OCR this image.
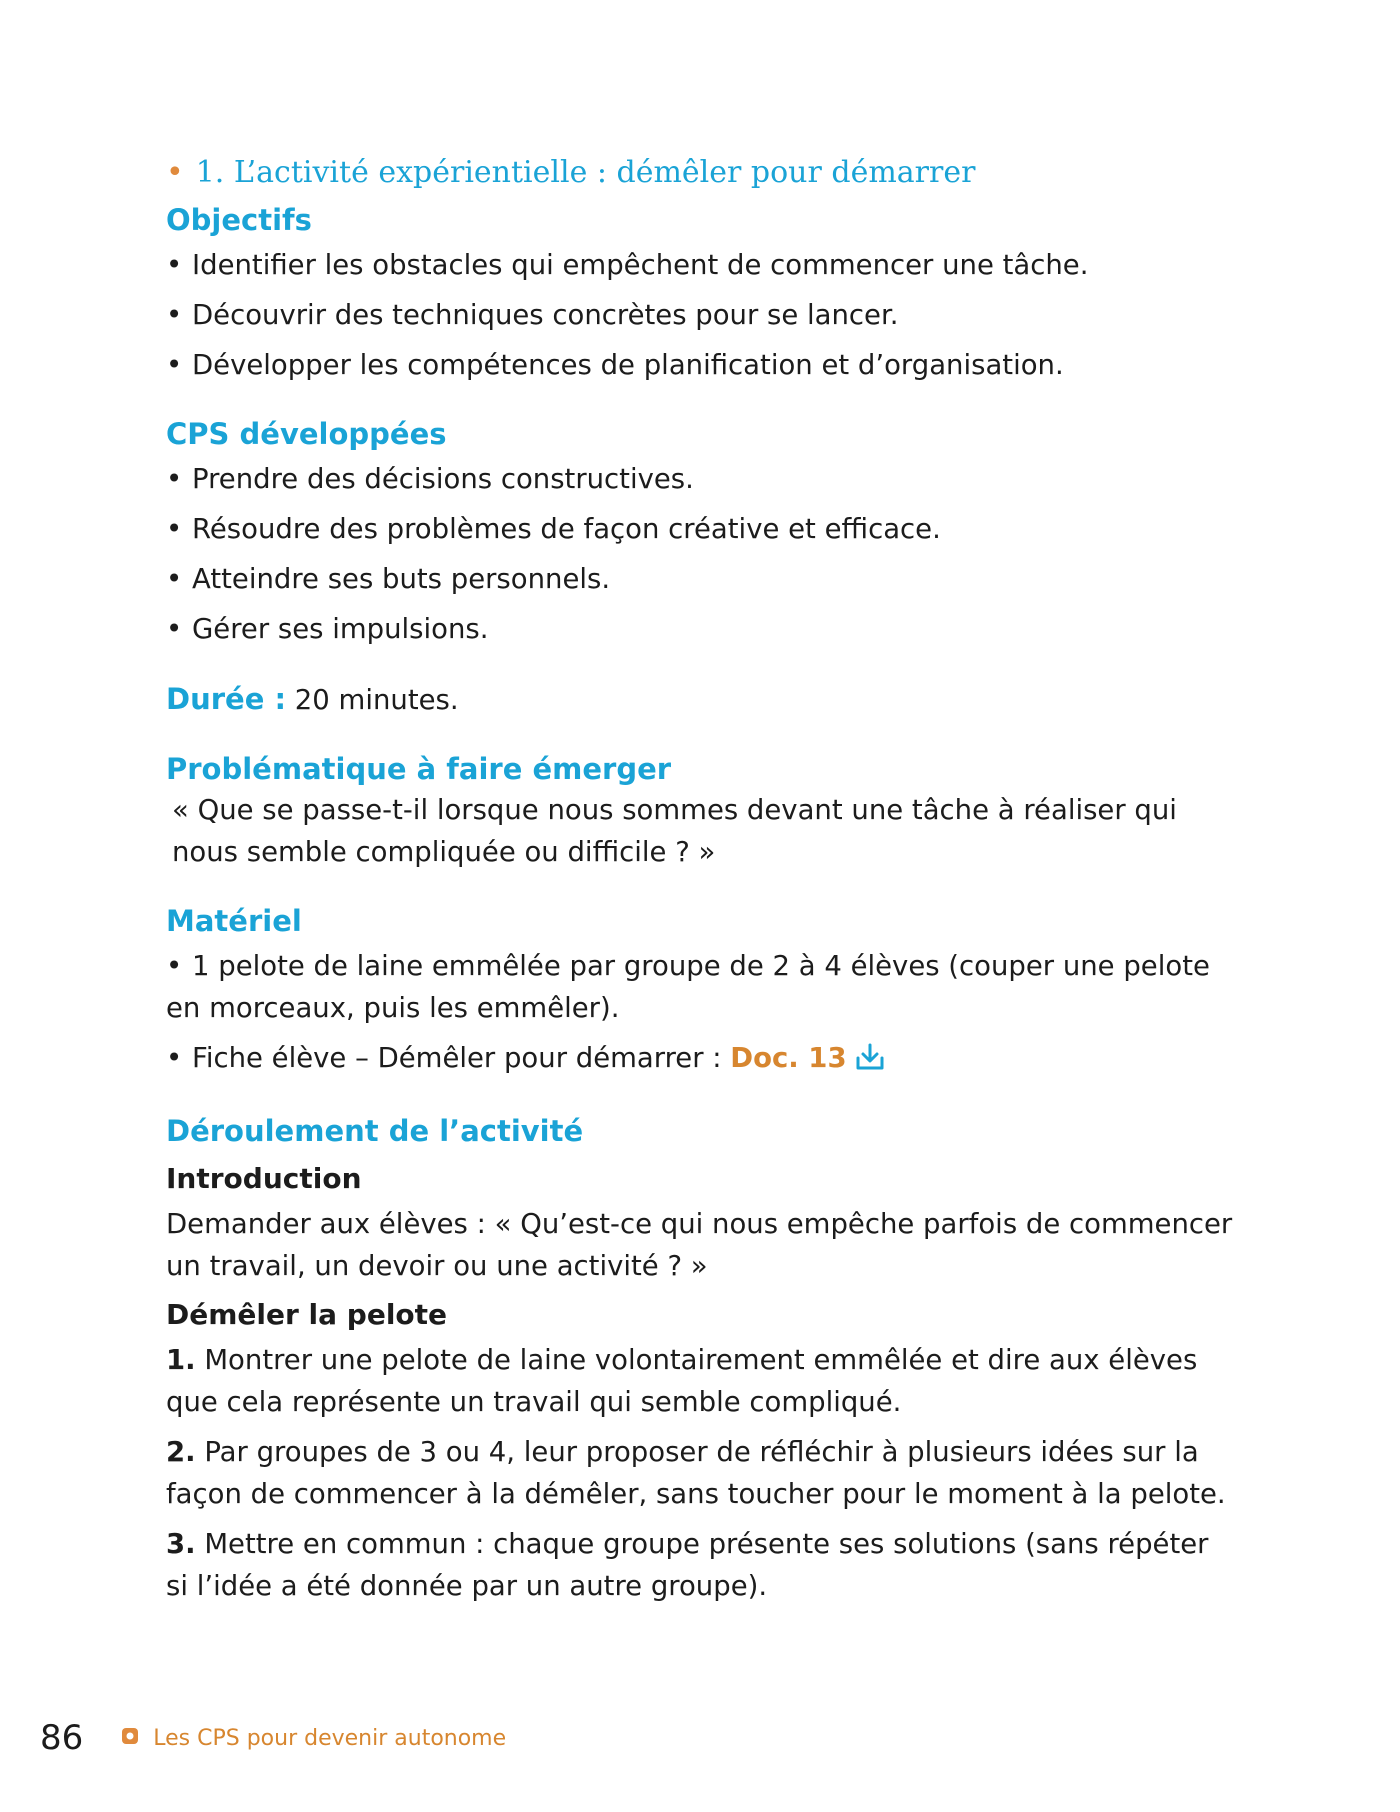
• 1. L’activité expérientielle : démêler pour démarrer
Objectifs
• Identifier les obstacles qui empêchent de commencer une tâche.
• Découvrir des techniques concrètes pour se lancer.
• Développer les compétences de planification et d’organisation.
CPS développées
• Prendre des décisions constructives.
• Résoudre des problèmes de façon créative et efficace.
• Atteindre ses buts personnels.
• Gérer ses impulsions.
Durée : 20 minutes.
Problématique à faire émerger
« Que se passe-t-il lorsque nous sommes devant une tâche à réaliser qui nous semble compliquée ou difficile ? »
Matériel
• 1 pelote de laine emmêlée par groupe de 2 à 4 élèves (couper une pelote en morceaux, puis les emmêler).
• Fiche élève – Démêler pour démarrer : Doc. 13
Déroulement de l’activité
Introduction
Demander aux élèves : « Qu’est-ce qui nous empêche parfois de commencer un travail, un devoir ou une activité ? »
Démêler la pelote
1. Montrer une pelote de laine volontairement emmêlée et dire aux élèves que cela représente un travail qui semble compliqué.
2. Par groupes de 3 ou 4, leur proposer de réfléchir à plusieurs idées sur la façon de commencer à la démêler, sans toucher pour le moment à la pelote.
3. Mettre en commun : chaque groupe présente ses solutions (sans répéter si l’idée a été donnée par un autre groupe).
86	Les CPS pour devenir autonome
